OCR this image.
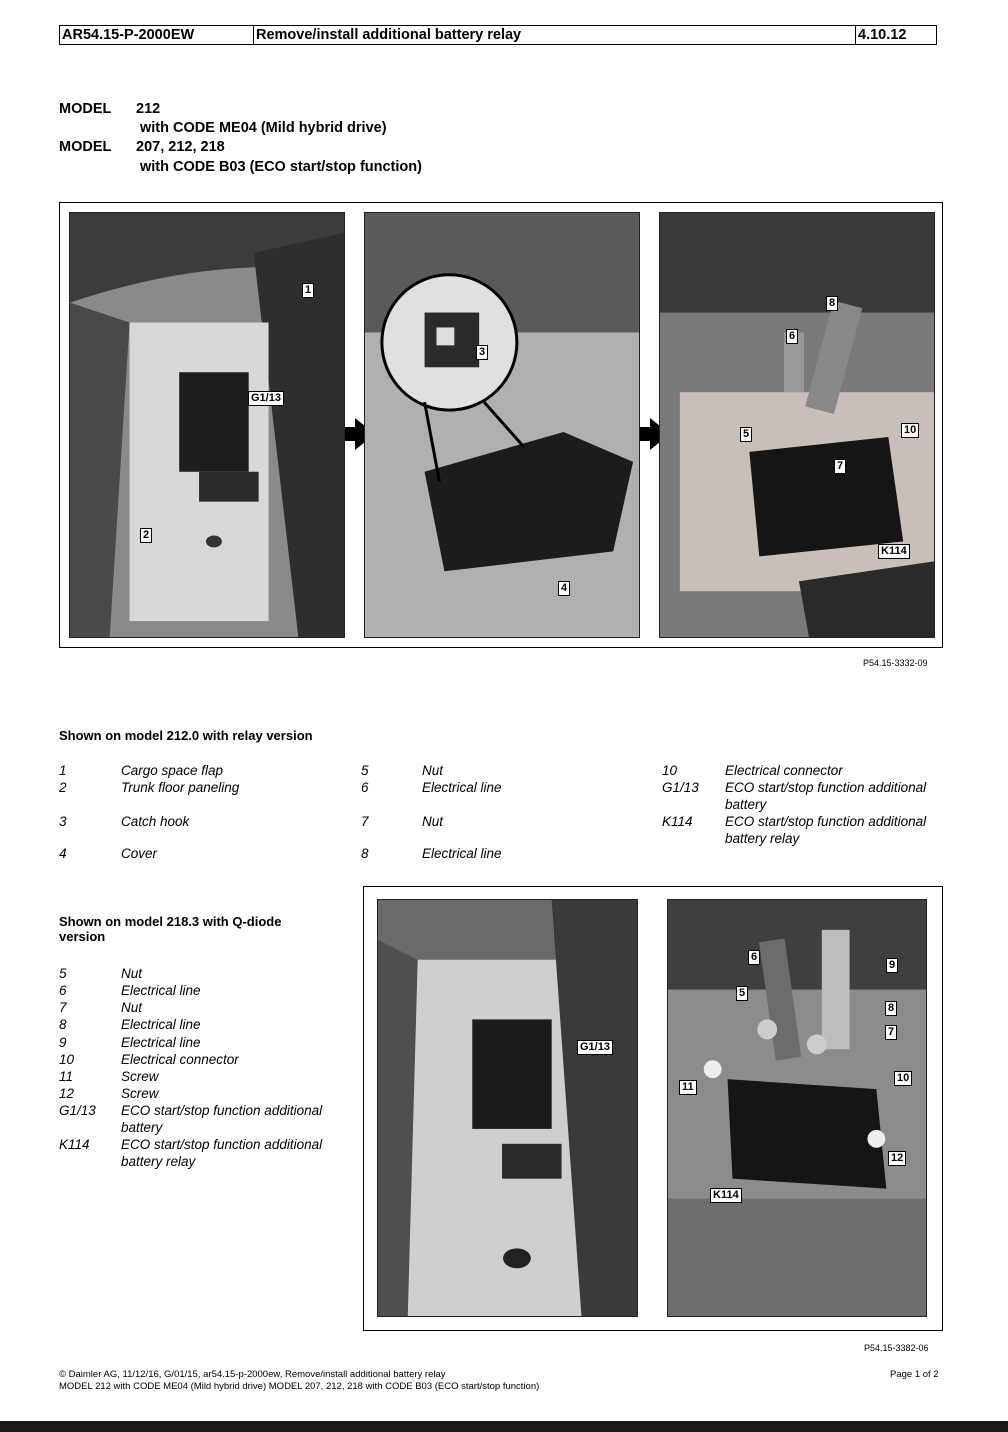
AR54.15-P-2000EW	Remove/install additional battery relay	4.10.12
MODEL 212
with CODE ME04 (Mild hybrid drive)
MODEL 207, 212, 218
with CODE B03 (ECO start/stop function)
1
G1/13
2
3
4
8
6
5	10
7
K114
P54.15-3332-09
Shown on model 212.0 with relay version
1	Cargo space flap
2	Trunk floor paneling
3	Catch hook
4	Cover
5	Nut
6	Electrical line
7	Nut
8	Electrical line
10	Electrical connector
G1/13 ECO start/stop function additional battery
K114 ECO start/stop function additional battery relay
Shown on model 218.3 with Q-diode version
5	Nut
6	Electrical line
7	Nut
8	Electrical line
9	Electrical line
10	Electrical connector
11	Screw
12	Screw
G1/13 ECO start/stop function additional battery
K114 ECO start/stop function additional battery relay
G1/13
6
9
5
8
7
11
10
12
K114
P54.15-3382-06
© Daimler AG, 11/12/16, G/01/15, ar54.15-p-2000ew, Remove/install additional battery relay
MODEL 212 with CODE ME04 (Mild hybrid drive) MODEL 207, 212, 218 with CODE B03 (ECO start/stop function)
Page 1 of 2
